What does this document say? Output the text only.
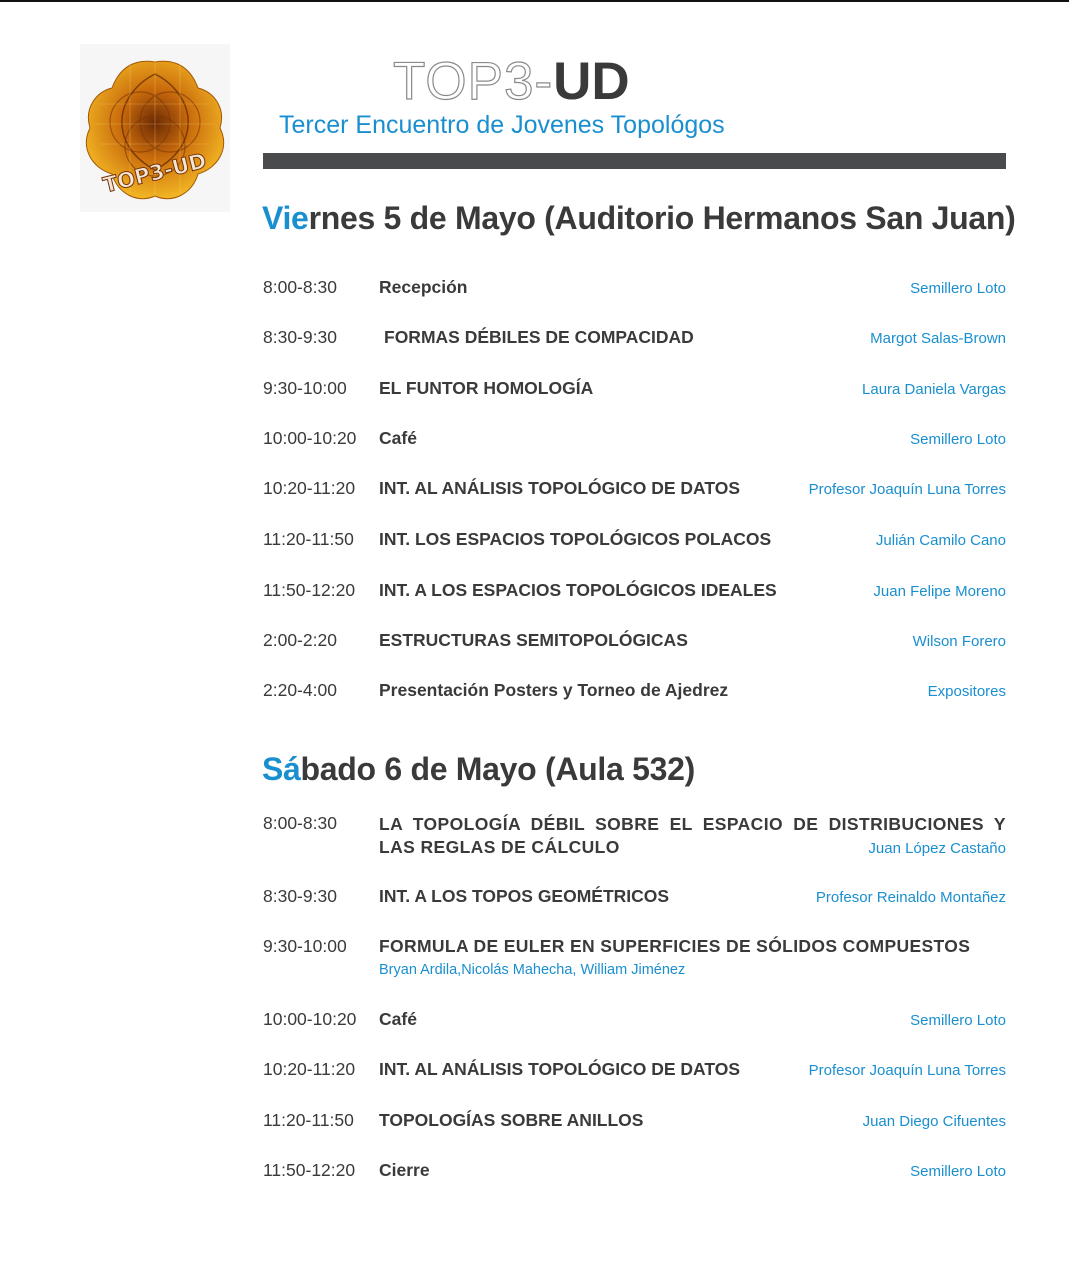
TOP3-UD
TOP3-UD
Tercer Encuentro de Jovenes Topológos
Viernes 5 de Mayo (Auditorio Hermanos San Juan)
8:00-8:30 Recepción	Semillero Loto
8:30-9:30	FORMAS DÉBILES DE COMPACIDAD	Margot Salas-Brown
9:30-10:00 EL FUNTOR HOMOLOGÍA	Laura Daniela Vargas
10:00-10:20 Café	Semillero Loto
10:20-11:20 INT. AL ANÁLISIS TOPOLÓGICO DE DATOS	Profesor Joaquín Luna Torres
11:20-11:50 INT. LOS ESPACIOS TOPOLÓGICOS POLACOS	Julián Camilo Cano
11:50-12:20 INT. A LOS ESPACIOS TOPOLÓGICOS IDEALES	Juan Felipe Moreno
2:00-2:20 ESTRUCTURAS SEMITOPOLÓGICAS	Wilson Forero
2:20-4:00 Presentación Posters y Torneo de Ajedrez	Expositores
Sábado 6 de Mayo (Aula 532)
8:00-8:30 LA TOPOLOGÍA DÉBIL SOBRE EL ESPACIO DE DISTRIBUCIONES Y LAS REGLAS DE CÁLCULO	Juan López Castaño
8:30-9:30 INT. A LOS TOPOS GEOMÉTRICOS	Profesor Reinaldo Montañez
9:30-10:00 FORMULA DE EULER EN SUPERFICIES DE SÓLIDOS COMPUESTOS
Bryan Ardila,Nicolás Mahecha, William Jiménez
10:00-10:20 Café	Semillero Loto
10:20-11:20 INT. AL ANÁLISIS TOPOLÓGICO DE DATOS	Profesor Joaquín Luna Torres
11:20-11:50 TOPOLOGÍAS SOBRE ANILLOS	Juan Diego Cifuentes
11:50-12:20 Cierre	Semillero Loto
